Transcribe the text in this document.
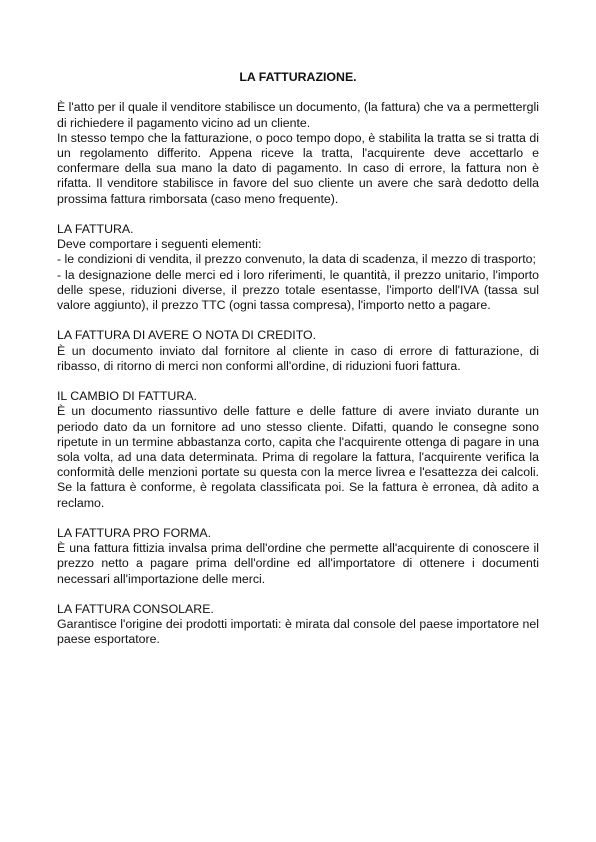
LA FATTURAZIONE.

È l'atto per il quale il venditore stabilisce un documento, (la fattura) che va a permettergli di richiedere il pagamento vicino ad un cliente.

In stesso tempo che la fatturazione, o poco tempo dopo, è stabilita la tratta se si tratta di un regolamento differito. Appena riceve la tratta, l'acquirente deve accettarlo e confermare della sua mano la dato di pagamento. In caso di errore, la fattura non è rifatta. Il venditore stabilisce in favore del suo cliente un avere che sarà dedotto della prossima fattura rimborsata (caso meno frequente).

LA FATTURA.

Deve comportare i seguenti elementi:

- le condizioni di vendita, il prezzo convenuto, la data di scadenza, il mezzo di trasporto;

- la designazione delle merci ed i loro riferimenti, le quantità, il prezzo unitario, l'importo delle spese, riduzioni diverse, il prezzo totale esentasse, l'importo dell'IVA (tassa sul valore aggiunto), il prezzo TTC (ogni tassa compresa), l'importo netto a pagare.

LA FATTURA DI AVERE O NOTA DI CREDITO.

È un documento inviato dal fornitore al cliente in caso di errore di fatturazione, di ribasso, di ritorno di merci non conformi all'ordine, di riduzioni fuori fattura.

IL CAMBIO DI FATTURA.

È un documento riassuntivo delle fatture e delle fatture di avere inviato durante un periodo dato da un fornitore ad uno stesso cliente. Difatti, quando le consegne sono ripetute in un termine abbastanza corto, capita che l'acquirente ottenga di pagare in una sola volta, ad una data determinata. Prima di regolare la fattura, l'acquirente verifica la conformità delle menzioni portate su questa con la merce livrea e l'esattezza dei calcoli. Se la fattura è conforme, è regolata classificata poi. Se la fattura è erronea, dà adito a reclamo.

LA FATTURA PRO FORMA.

È una fattura fittizia invalsa prima dell'ordine che permette all'acquirente di conoscere il prezzo netto a pagare prima dell'ordine ed all'importatore di ottenere i documenti necessari all'importazione delle merci.

LA FATTURA CONSOLARE.

Garantisce l'origine dei prodotti importati: è mirata dal console del paese importatore nel paese esportatore.
